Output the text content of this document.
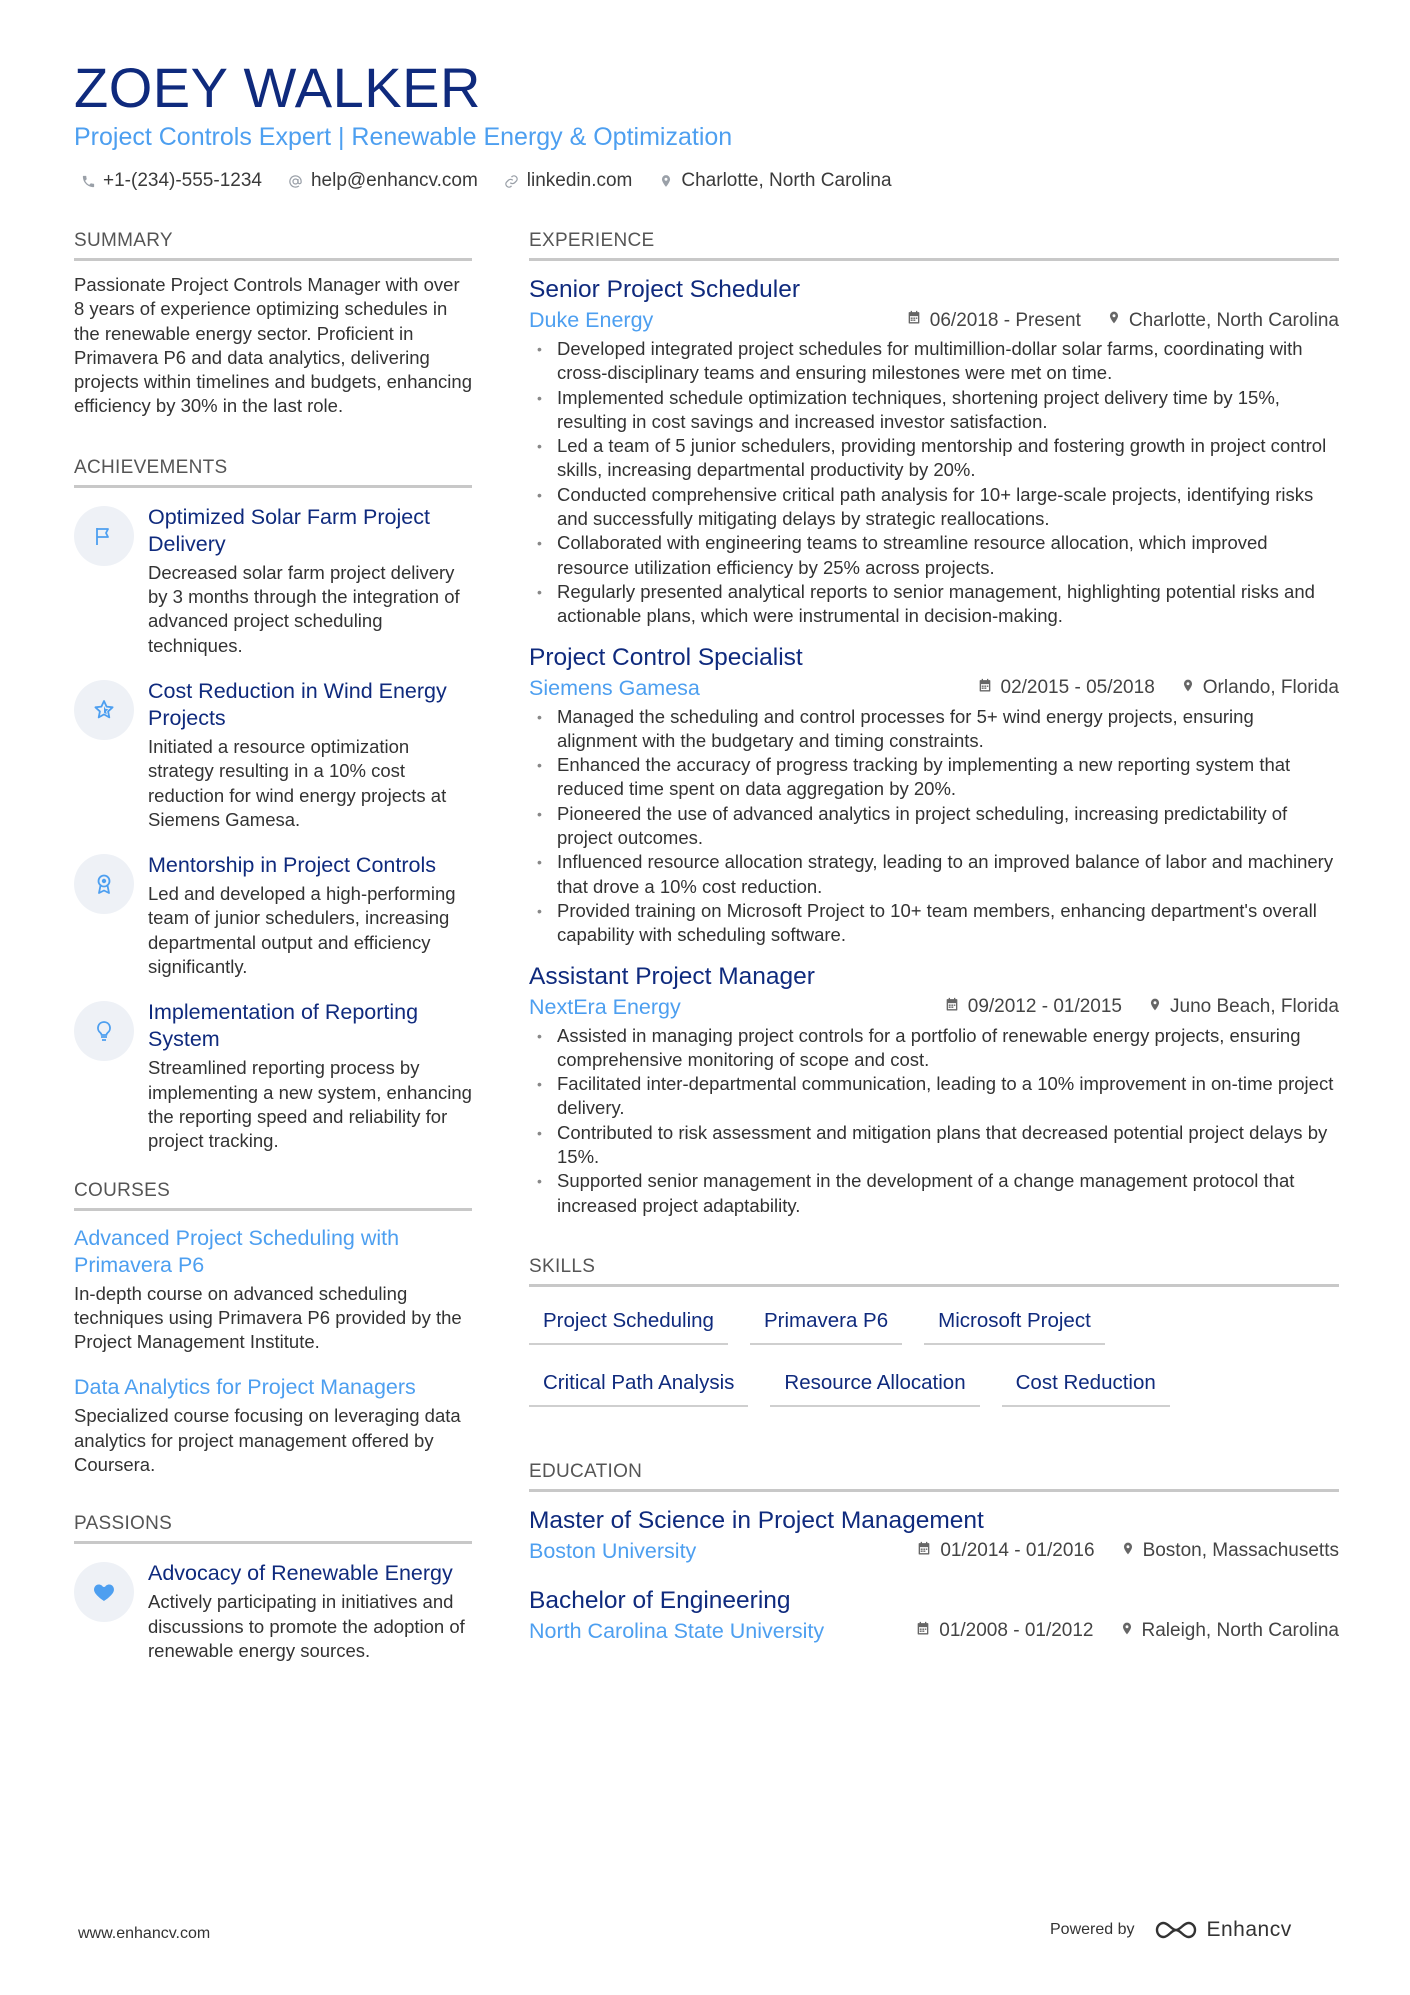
ZOEY WALKER
Project Controls Expert | Renewable Energy & Optimization
+1-(234)-555-1234	help@enhancv.com	linkedin.com	Charlotte, North Carolina
SUMMARY

Passionate Project Controls Manager with over 8 years of experience optimizing schedules in the renewable energy sector. Proficient in Primavera P6 and data analytics, delivering projects within timelines and budgets, enhancing efficiency by 30% in the last role.

ACHIEVEMENTS
Optimized Solar Farm Project Delivery
Decreased solar farm project delivery by 3 months through the integration of advanced project scheduling techniques.
Cost Reduction in Wind Energy Projects
Initiated a resource optimization strategy resulting in a 10% cost reduction for wind energy projects at Siemens Gamesa.
Mentorship in Project Controls
Led and developed a high-performing team of junior schedulers, increasing departmental output and efficiency significantly.
Implementation of Reporting System
Streamlined reporting process by implementing a new system, enhancing the reporting speed and reliability for project tracking.
COURSES
Advanced Project Scheduling with Primavera P6
In-depth course on advanced scheduling techniques using Primavera P6 provided by the Project Management Institute.
Data Analytics for Project Managers
Specialized course focusing on leveraging data analytics for project management offered by Coursera.
PASSIONS
Advocacy of Renewable Energy
Actively participating in initiatives and discussions to promote the adoption of renewable energy sources.
EXPERIENCE
Senior Project Scheduler
Duke Energy	06/2018 - Present	Charlotte, North Carolina
• Developed integrated project schedules for multimillion-dollar solar farms, coordinating with cross-disciplinary teams and ensuring milestones were met on time.
• Implemented schedule optimization techniques, shortening project delivery time by 15%, resulting in cost savings and increased investor satisfaction.
• Led a team of 5 junior schedulers, providing mentorship and fostering growth in project control skills, increasing departmental productivity by 20%.
• Conducted comprehensive critical path analysis for 10+ large-scale projects, identifying risks and successfully mitigating delays by strategic reallocations.
• Collaborated with engineering teams to streamline resource allocation, which improved resource utilization efficiency by 25% across projects.
• Regularly presented analytical reports to senior management, highlighting potential risks and actionable plans, which were instrumental in decision-making.
Project Control Specialist
Siemens Gamesa	02/2015 - 05/2018	Orlando, Florida
• Managed the scheduling and control processes for 5+ wind energy projects, ensuring alignment with the budgetary and timing constraints.
• Enhanced the accuracy of progress tracking by implementing a new reporting system that reduced time spent on data aggregation by 20%.
• Pioneered the use of advanced analytics in project scheduling, increasing predictability of project outcomes.
• Influenced resource allocation strategy, leading to an improved balance of labor and machinery that drove a 10% cost reduction.
• Provided training on Microsoft Project to 10+ team members, enhancing department's overall capability with scheduling software.
Assistant Project Manager
NextEra Energy	09/2012 - 01/2015	Juno Beach, Florida
• Assisted in managing project controls for a portfolio of renewable energy projects, ensuring comprehensive monitoring of scope and cost.
• Facilitated inter-departmental communication, leading to a 10% improvement in on-time project delivery.
• Contributed to risk assessment and mitigation plans that decreased potential project delays by 15%.
• Supported senior management in the development of a change management protocol that increased project adaptability.
SKILLS
Project Scheduling	Primavera P6	Microsoft Project
Critical Path Analysis	Resource Allocation	Cost Reduction
EDUCATION
Master of Science in Project Management
Boston University	01/2014 - 01/2016	Boston, Massachusetts
Bachelor of Engineering
North Carolina State University	01/2008 - 01/2012	Raleigh, North Carolina
www.enhancv.com	Powered by	Enhancv
